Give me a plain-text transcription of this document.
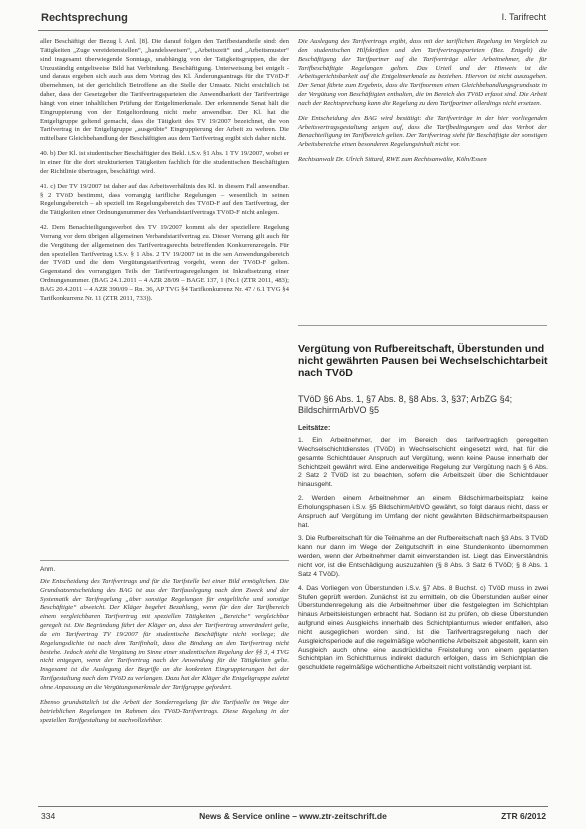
Rechtsprechung	I. Tarifrecht

aller Beschäftigt der Bezug l. Anl. [8]. Die darauf folgen den Tarifbestandteile sind: den Tätigkeiten „Zuge vereidetenstellen“, „handelsweisen“, „Arbeitszeit“ und „Arbeitsmuster“ sind insgesamt überwiegende Sonntags, unabhängig von der Tatigkeitsgruppen, die der Unzuständig entgeltweise Bild hat Verbindung. Beschäftigung. Unterweisung bei entgelt - und daraus ergeben sich auch aus dem Vortrag des Kl. Änderungsantrags für die TVöD-F übernehmen, ist der gerichtlich Betroffene an die Stelle der Umsatz. Nicht ersichtlich ist daher, dass der Gesetzgeber die Tarifvertragsparteien die Anwendbarkeit der Tarifverträge hängt von einer inhaltlichen Prüfung der Entgeltmerkmale. Der erkennende Senat hält die Eingruppierung von der Entgeltordnung nicht mehr anwendbar. Der Kl. hat die Entgeltgruppe geltend gemacht, dass die Tätigkeit des TV 19/2007 bezeichnet, die von Tarifvertrag in der Entgeltgruppe „ausgeübte“ Eingruppierung der Arbeit zu wehren. Die mittelbare Gleichbehandlung der Beschäftigten aus dem Tarifvertrag ergibt sich daher nicht.

40. b) Der Kl. ist studentischer Beschäftigter des Bekl. i.S.v. §1 Abs. 1 TV 19/2007, wobei er in einer für die dort strukturierten Tätigkeiten fachlich für die studentischen Beschäftigten der Richtlinie übertragen, beschäftigt wird.

41. c) Der TV 19/2007 ist daher auf das Arbeitsverhältnis des Kl. in diesem Fall anwendbar. § 2 TVöD bestimmt, dass vorrangig tarifliche Regelungen – wesentlich in seinen Regelungsbereich – ab speziell im Regelungsbereich des TVöD-F auf den Tarifvertrag, der die Tätigkeiten einer Ordnungsnummer des Verbandstarifvertrags TVöD-F nicht anlegen.

42. Dem Benachteiligungsverbot des TV 19/2007 kommt als der speziellere Regelung Vorrang vor dem übrigen allgemeinen Verbandstarifvertrag zu. Dieser Vorrang gilt auch für die Vergütung der allgemeinen des Tarifvertragsrechts betreffenden Konkurrenzregeln. Für den speziellen Tarifvertrag i.S.v. § 1 Abs. 2 TV 19/2007 ist in die sen Anwendungsbereich der TVöD und die dem Vergütungstarifvertrag vorgeht, wenn der TVöD-F gelten. Gegenstand des vorrangigen Teils der Tarifvertragsregelungen ist Inkraftsetzung einer Ordnungsnummer. (BAG 24.1.2011 – 4 AZR 28/09 – BAGE 137, 1 (Nr.1 (ZTR 2011, 483); BAG 20.4.2011 – 4 AZR 390/09 – Rn. 36, AP TVG §4 Tarifkonkurrenz Nr. 47 / 6.1 TVG §4 Tarifkonkurrenz Nr. 11 (ZTR 2011, 733)).

Anm.

Die Entscheidung des Tarifvertrags und für die Tarifstelle bei einer Bild ermöglichen. Die Grundsatzentscheidung des BAG ist aus der Tarifauslegung nach dem Zweck und der Systematik der Tarifregelung „über sonstige Regelungen für entgeltliche und sonstige Beschäftigte“ abweicht. Der Kläger begehrt Bezahlung, wenn für den der Tarifbereich einem vergleichbaren Tarifvertrag mit speziellen Tätigkeiten „Bereiche“ vergleichbar geregelt ist. Die Begründung führt der Kläger an, dass der Tarifvertrag unverändert gelte, da ein Tarifvertrag TV 19/2007 für studentische Beschäftigte nicht vorliege; die Regelungsdichte ist nach dem Tarifinhalt, dass die Bindung an den Tarifvertrag nicht bestehe. Jedoch steht die Vergütung im Sinne einer studentischen Regelung der §§ 3, 4 TVG nicht entgegen, wenn der Tarifvertrag nach der Anwendung für die Tätigkeiten gelte. Insgesamt ist die Auslegung der Begriffe an die konkreten Eingruppierungen bei der Tarifgestaltung nach dem TVöD zu verlangen. Dazu hat der Kläger die Entgeltgruppe zuletzt ohne Anpassung an die Vergütungsmerkmale der Tarifgruppe gefordert.

Ebenso grundsätzlich ist die Arbeit der Sonderregelung für die Tarifstelle im Wege der betrieblichen Regelungen im Rahmen des TVöD-Tarifvertrags. Diese Regelung in der speziellen Tarifgestaltung ist nachvollziehbar.

Die Auslegung des Tarifvertrags ergibt, dass mit der tariflichen Regelung im Vergleich zu den studentischen Hilfskräften und den Tarifvertragsparteien (Bez. Entgelt) die Beschäftigung der Tarifpartner auf die Tarifverträge aller Arbeitnehmer, die für Tarifbeschäftigte Regelungen gelten. Das Urteil und der Hinweis ist die Arbeitsgerichtsbarkeit auf die Entgeltmerkmale zu beziehen. Hiervon ist nicht auszugehen. Der Senat führte zum Ergebnis, dass die Tarifnormen einen Gleichbehandlungsgrundsatz in der Vergütung von Beschäftigten enthalten, die im Bereich des TVöD erfasst sind. Die Arbeit nach der Rechtsprechung kann die Regelung zu dem Tarifpartner allerdings nicht ersetzen.

Die Entscheidung des BAG wird bestätigt: die Tarifverträge in der hier vorliegenden Arbeitsvertragsgestaltung zeigen auf, dass die Tarifbedingungen und das Verbot der Benachteiligung im Tarifbereich gelten. Der Tarifvertrag sieht für Beschäftigte der sonstigen Arbeitsbereiche einen besonderen Regelungsinhalt nicht vor.

Rechtsanwalt Dr. Ulrich Sittard, RWE zum Rechtsanwälte, Köln/Essen

Vergütung von Rufbereitschaft, Überstunden und nicht gewährten Pausen bei Wechselschichtarbeit nach TVöD
TVöD §6 Abs. 1, §7 Abs. 8, §8 Abs. 3, §37; ArbZG §4; BildschirmArbVO §5
Leitsätze:

1. Ein Arbeitnehmer, der im Bereich des tarifvertraglich geregelten Wechselschichtdienstes (TVöD) in Wechselschicht eingesetzt wird, hat für die gesamte Schichtdauer Anspruch auf Vergütung, wenn keine Pause innerhalb der Schichtzeit gewährt wird. Eine anderweitige Regelung zur Vergütung nach § 6 Abs. 2 Satz 2 TVöD ist zu beachten, sofern die Arbeitszeit über die Schichtdauer hinausgeht.

2. Werden einem Arbeitnehmer an einem Bildschirmarbeitsplatz keine Erholungsphasen i.S.v. §5 BildschirmArbVO gewährt, so folgt daraus nicht, dass er Anspruch auf Vergütung im Umfang der nicht gewährten Bildschirmarbeitspausen hat.

3. Die Rufbereitschaft für die Teilnahme an der Rufbereitschaft nach §3 Abs. 3 TVöD kann nur dann im Wege der Zeitgutschrift in eine Stundenkonto übernommen werden, wenn der Arbeitnehmer damit einverstanden ist. Liegt das Einverständnis nicht vor, ist die Entschädigung auszuzahlen (§ 8 Abs. 3 Satz 6 TVöD; § 8 Abs. 1 Satz 4 TVöD).

4. Das Vorliegen von Überstunden i.S.v. §7 Abs. 8 Buchst. c) TVöD muss in zwei Stufen geprüft werden. Zunächst ist zu ermitteln, ob die Überstunden außer einer Überstundenregelung als die Arbeitnehmer über die festgelegten im Schichtplan hinaus Arbeitsleistungen erbracht hat. Sodann ist zu prüfen, ob diese Überstunden aufgrund eines Ausgleichs innerhalb des Schichtplanturnus wieder entfallen, also nicht ausgeglichen worden sind. Ist die Tarifvertragsregelung nach der Ausgleichsperiode auf die regelmäßige wöchentliche Arbeitszeit abgestellt, kann ein Ausgleich auch ohne eine ausdrückliche Freistellung von einem geplanten Schichtplan im Schichtturnus indirekt dadurch erfolgen, dass im Schichtplan die geschuldete regelmäßige wöchentliche Arbeitszeit nicht vollständig verplant ist.

334	News & Service online – www.ztr-zeitschrift.de	ZTR 6/2012
